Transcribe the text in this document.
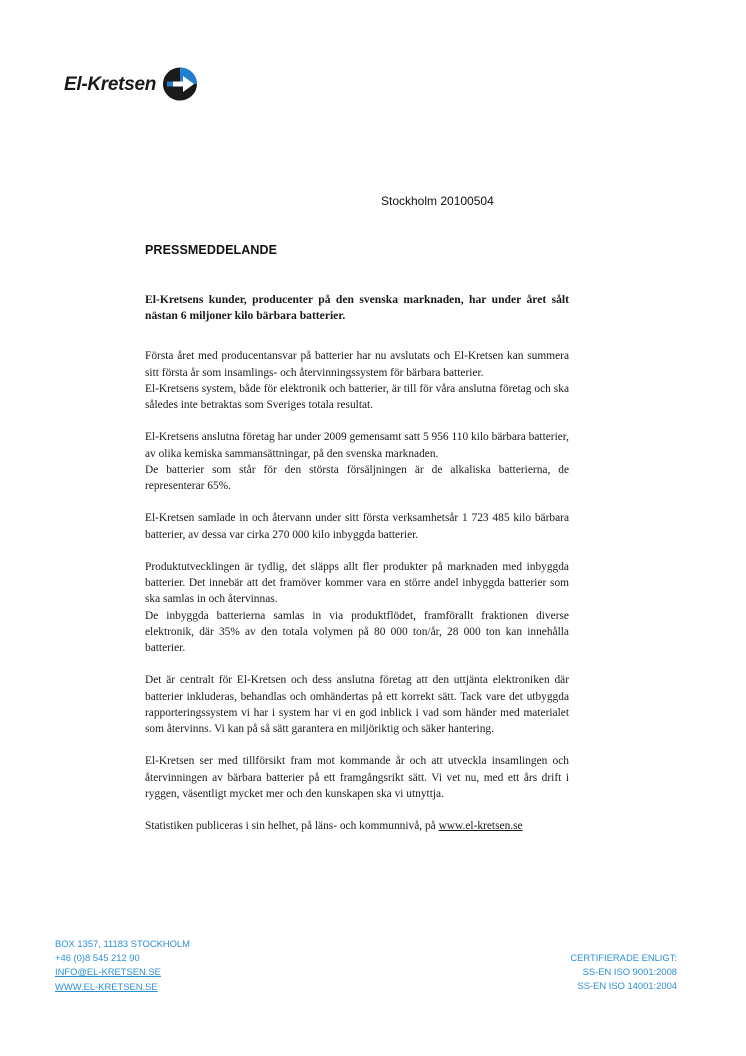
El-Kretsen
Stockholm 20100504
PRESSMEDDELANDE

El-Kretsens kunder, producenter på den svenska marknaden, har under året sålt nästan 6 miljoner kilo bärbara batterier.

Första året med producentansvar på batterier har nu avslutats och El-Kretsen kan summera sitt första år som insamlings- och återvinningssystem för bärbara batterier.
El-Kretsens system, både för elektronik och batterier, är till för våra anslutna företag och ska således inte betraktas som Sveriges totala resultat.
El-Kretsens anslutna företag har under 2009 gemensamt satt 5 956 110 kilo bärbara batterier, av olika kemiska sammansättningar, på den svenska marknaden.
De batterier som står för den största försäljningen är de alkaliska batterierna, de representerar 65%.
El-Kretsen samlade in och återvann under sitt första verksamhetsår 1 723 485 kilo bärbara batterier, av dessa var cirka 270 000 kilo inbyggda batterier.
Produktutvecklingen är tydlig, det släpps allt fler produkter på marknaden med inbyggda batterier. Det innebär att det framöver kommer vara en större andel inbyggda batterier som ska samlas in och återvinnas.
De inbyggda batterierna samlas in via produktflödet, framförallt fraktionen diverse elektronik, där 35% av den totala volymen på 80 000 ton/år, 28 000 ton kan innehålla batterier.
Det är centralt för El-Kretsen och dess anslutna företag att den uttjänta elektroniken där batterier inkluderas, behandlas och omhändertas på ett korrekt sätt. Tack vare det utbyggda rapporteringssystem vi har i system har vi en god inblick i vad som händer med materialet som återvinns. Vi kan på så sätt garantera en miljöriktig och säker hantering.
El-Kretsen ser med tillförsikt fram mot kommande år och att utveckla insamlingen och återvinningen av bärbara batterier på ett framgångsrikt sätt. Vi vet nu, med ett års drift i ryggen, väsentligt mycket mer och den kunskapen ska vi utnyttja.
Statistiken publiceras i sin helhet, på läns- och kommunnivå, på www.el-kretsen.se
BOX 1357, 11183 STOCKHOLM
+46 (0)8 545 212 90
INFO@EL-KRETSEN.SE
WWW.EL-KRETSEN.SE
CERTIFIERADE ENLIGT:
SS-EN ISO 9001:2008
SS-EN ISO 14001:2004
